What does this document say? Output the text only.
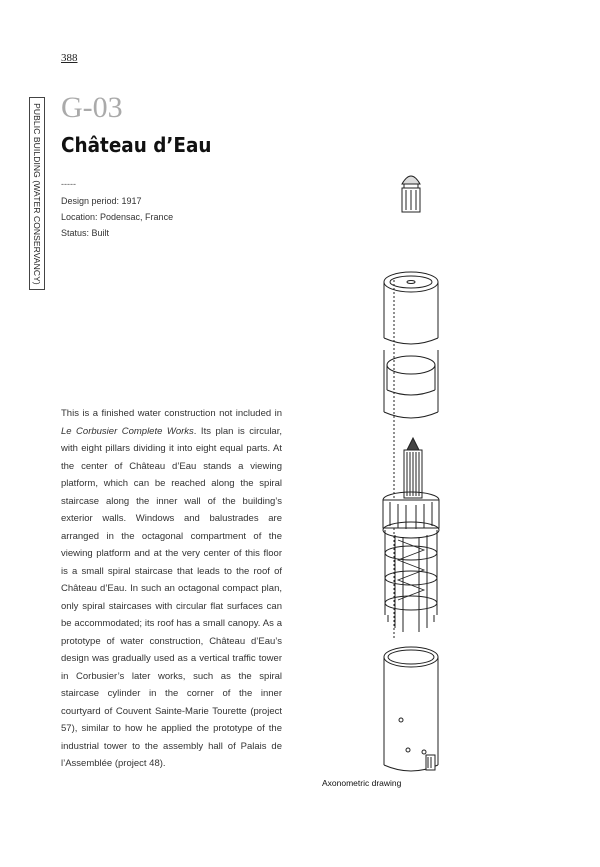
388
PUBLIC BUILDING (WATER CONSERVANCY) G-03
Château d’Eau
-----
Design period: 1917
Location: Podensac, France
Status: Built
This is a finished water construction not included in Le Corbusier Complete Works. Its plan is circular, with eight pillars dividing it into eight equal parts. At the center of Château d’Eau stands a viewing platform, which can be reached along the spiral staircase along the inner wall of the building’s exterior walls. Windows and balustrades are arranged in the octagonal compartment of the viewing platform and at the very center of this floor is a small spiral staircase that leads to the roof of Château d’Eau. In such an octagonal compact plan, only spiral staircases with circular flat surfaces can be accommodated; its roof has a small canopy. As a prototype of water construction, Château d’Eau’s design was gradually used as a vertical traffic tower in Corbusier’s later works, such as the spiral staircase cylinder in the corner of the inner courtyard of Couvent Sainte-Marie Tourette (project 57), similar to how he applied the prototype of the industrial tower to the assembly hall of Palais de l’Assemblée (project 48).
Axonometric drawing
